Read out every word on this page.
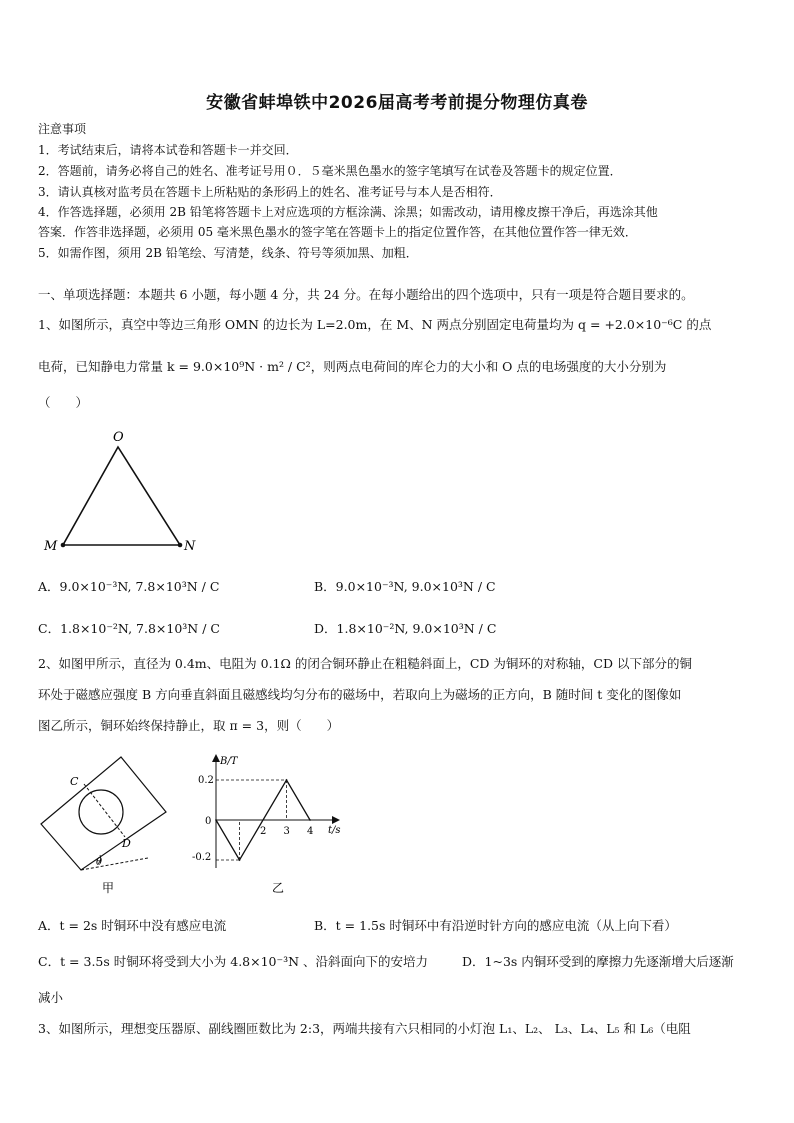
安徽省蚌埠铁中2026届高考考前提分物理仿真卷
注意事项
1．考试结束后，请将本试卷和答题卡一并交回．
2．答题前，请务必将自己的姓名、准考证号用０．５毫米黑色墨水的签字笔填写在试卷及答题卡的规定位置．
3．请认真核对监考员在答题卡上所粘贴的条形码上的姓名、准考证号与本人是否相符．
4．作答选择题，必须用 2B 铅笔将答题卡上对应选项的方框涂满、涂黑；如需改动，请用橡皮擦干净后，再选涂其他
答案．作答非选择题，必须用 05 毫米黑色墨水的签字笔在答题卡上的指定位置作答，在其他位置作答一律无效．
5．如需作图，须用 2B 铅笔绘、写清楚，线条、符号等须加黑、加粗．
一、单项选择题：本题共 6 小题，每小题 4 分，共 24 分。在每小题给出的四个选项中，只有一项是符合题目要求的。
1、如图所示，真空中等边三角形 OMN 的边长为 L=2.0m，在 M、N 两点分别固定电荷量均为 q = +2.0×10⁻⁶C 的点
电荷，已知静电力常量 k = 9.0×10⁹N · m² / C²，则两点电荷间的库仑力的大小和 O 点的电场强度的大小分别为
（　　）
O
M	N
A．9.0×10⁻³N, 7.8×10³N / C	B．9.0×10⁻³N, 9.0×10³N / C
C．1.8×10⁻²N, 7.8×10³N / C	D．1.8×10⁻²N, 9.0×10³N / C
2、如图甲所示，直径为 0.4m、电阻为 0.1Ω 的闭合铜环静止在粗糙斜面上，CD 为铜环的对称轴，CD 以下部分的铜
环处于磁感应强度 B 方向垂直斜面且磁感线均匀分布的磁场中，若取向上为磁场的正方向，B 随时间 t 变化的图像如
图乙所示，铜环始终保持静止，取 π = 3，则（　　）
C
D
θ
甲
2 3 4
B/T
t/s
0
0.2
-0.2
乙
A．t = 2s 时铜环中没有感应电流	B．t = 1.5s 时铜环中有沿逆时针方向的感应电流（从上向下看）
C．t = 3.5s 时铜环将受到大小为 4.8×10⁻³N 、沿斜面向下的安培力	D．1~3s 内铜环受到的摩擦力先逐渐增大后逐渐
减小
3、如图所示，理想变压器原、副线圈匝数比为 2:3，两端共接有六只相同的小灯泡 L₁、L₂、 L₃、L₄、L₅ 和 L₆（电阻
